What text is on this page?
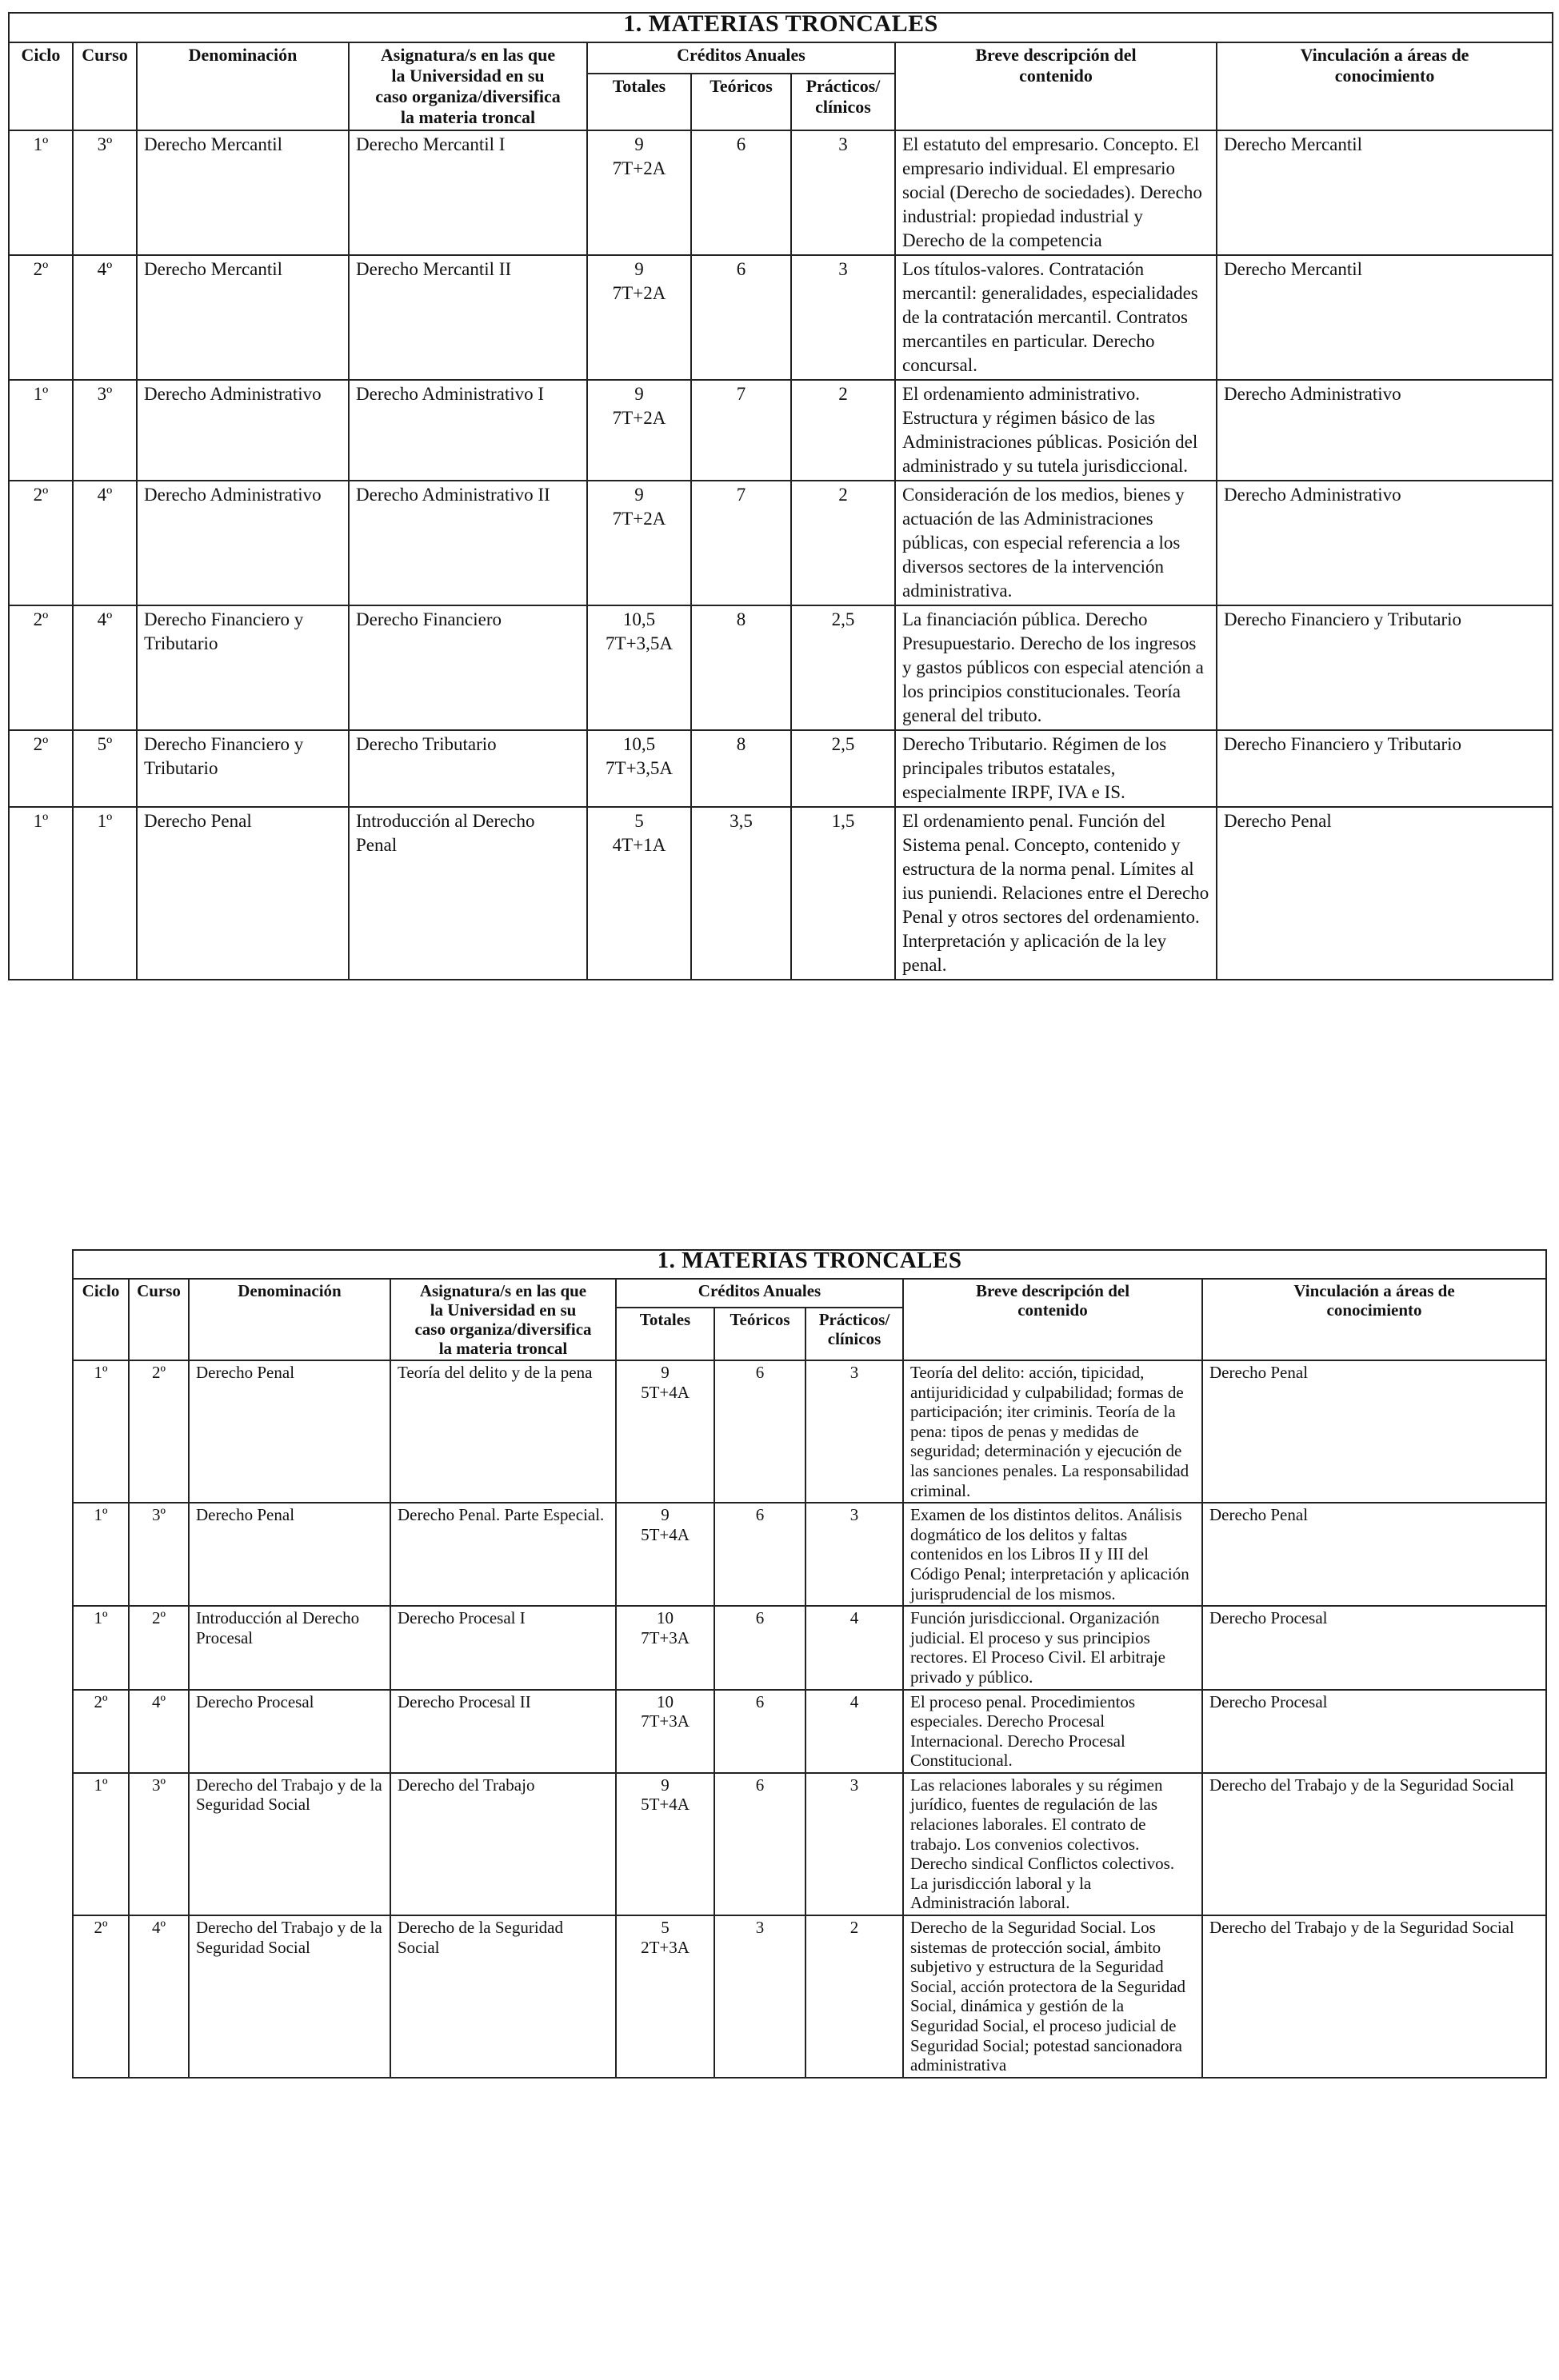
1. MATERIAS TRONCALES								
Ciclo	Curso	Denominación	Asignatura/s en las que
la Universidad en su
caso organiza/diversifica
la materia troncal	Créditos Anuales			Breve descripción del
contenido	Vinculación a áreas de
conocimiento
				Totales	Teóricos	Prácticos/
clínicos		
1º	3º	Derecho Mercantil	Derecho Mercantil I	9
7T+2A	6	3	El estatuto del empresario. Concepto. El empresario individual. El empresario social (Derecho de sociedades). Derecho industrial: propiedad industrial y Derecho de la competencia	Derecho Mercantil
2º	4º	Derecho Mercantil	Derecho Mercantil II	9
7T+2A	6	3	Los títulos-valores. Contratación mercantil: generalidades, especialidades de la contratación mercantil. Contratos mercantiles en particular. Derecho concursal.	Derecho Mercantil
1º	3º	Derecho Administrativo	Derecho Administrativo I	9
7T+2A	7	2	El ordenamiento administrativo. Estructura y régimen básico de las Administraciones públicas. Posición del administrado y su tutela jurisdiccional.	Derecho Administrativo
2º	4º	Derecho Administrativo	Derecho Administrativo II	9
7T+2A	7	2	Consideración de los medios, bienes y actuación de las Administraciones públicas, con especial referencia a los diversos sectores de la intervención administrativa.	Derecho Administrativo
2º	4º	Derecho Financiero y Tributario	Derecho Financiero	10,5
7T+3,5A	8	2,5	La financiación pública. Derecho Presupuestario. Derecho de los ingresos y gastos públicos con especial atención a los principios constitucionales. Teoría general del tributo.	Derecho Financiero y Tributario
2º	5º	Derecho Financiero y Tributario	Derecho Tributario	10,5
7T+3,5A	8	2,5	Derecho Tributario. Régimen de los principales tributos estatales, especialmente IRPF, IVA e IS.	Derecho Financiero y Tributario
1º	1º	Derecho Penal	Introducción al Derecho Penal	5
4T+1A	3,5	1,5	El ordenamiento penal. Función del Sistema penal. Concepto, contenido y estructura de la norma penal. Límites al ius puniendi. Relaciones entre el Derecho Penal y otros sectores del ordenamiento. Interpretación y aplicación de la ley penal.	Derecho Penal
1. MATERIAS TRONCALES								
Ciclo	Curso	Denominación	Asignatura/s en las que
la Universidad en su
caso organiza/diversifica
la materia troncal	Créditos Anuales			Breve descripción del
contenido	Vinculación a áreas de
conocimiento
				Totales	Teóricos	Prácticos/
clínicos		
1º	2º	Derecho Penal	Teoría del delito y de la pena	9
5T+4A	6	3	Teoría del delito: acción, tipicidad, antijuridicidad y culpabilidad; formas de participación; iter criminis. Teoría de la pena: tipos de penas y medidas de seguridad; determinación y ejecución de las sanciones penales. La responsabilidad criminal.	Derecho Penal
1º	3º	Derecho Penal	Derecho Penal. Parte Especial.	9
5T+4A	6	3	Examen de los distintos delitos. Análisis dogmático de los delitos y faltas contenidos en los Libros II y III del Código Penal; interpretación y aplicación jurisprudencial de los mismos.	Derecho Penal
1º	2º	Introducción al Derecho Procesal	Derecho Procesal I	10
7T+3A	6	4	Función jurisdiccional. Organización judicial. El proceso y sus principios rectores. El Proceso Civil. El arbitraje privado y público.	Derecho Procesal
2º	4º	Derecho Procesal	Derecho Procesal II	10
7T+3A	6	4	El proceso penal. Procedimientos especiales. Derecho Procesal Internacional. Derecho Procesal Constitucional.	Derecho Procesal
1º	3º	Derecho del Trabajo y de la Seguridad Social	Derecho del Trabajo	9
5T+4A	6	3	Las relaciones laborales y su régimen jurídico, fuentes de regulación de las relaciones laborales. El contrato de trabajo. Los convenios colectivos. Derecho sindical Conflictos colectivos. La jurisdicción laboral y la Administración laboral.	Derecho del Trabajo y de la Seguridad Social
2º	4º	Derecho del Trabajo y de la Seguridad Social	Derecho de la Seguridad Social	5
2T+3A	3	2	Derecho de la Seguridad Social. Los sistemas de protección social, ámbito subjetivo y estructura de la Seguridad Social, acción protectora de la Seguridad Social, dinámica y gestión de la Seguridad Social, el proceso judicial de Seguridad Social; potestad sancionadora administrativa	Derecho del Trabajo y de la Seguridad Social
